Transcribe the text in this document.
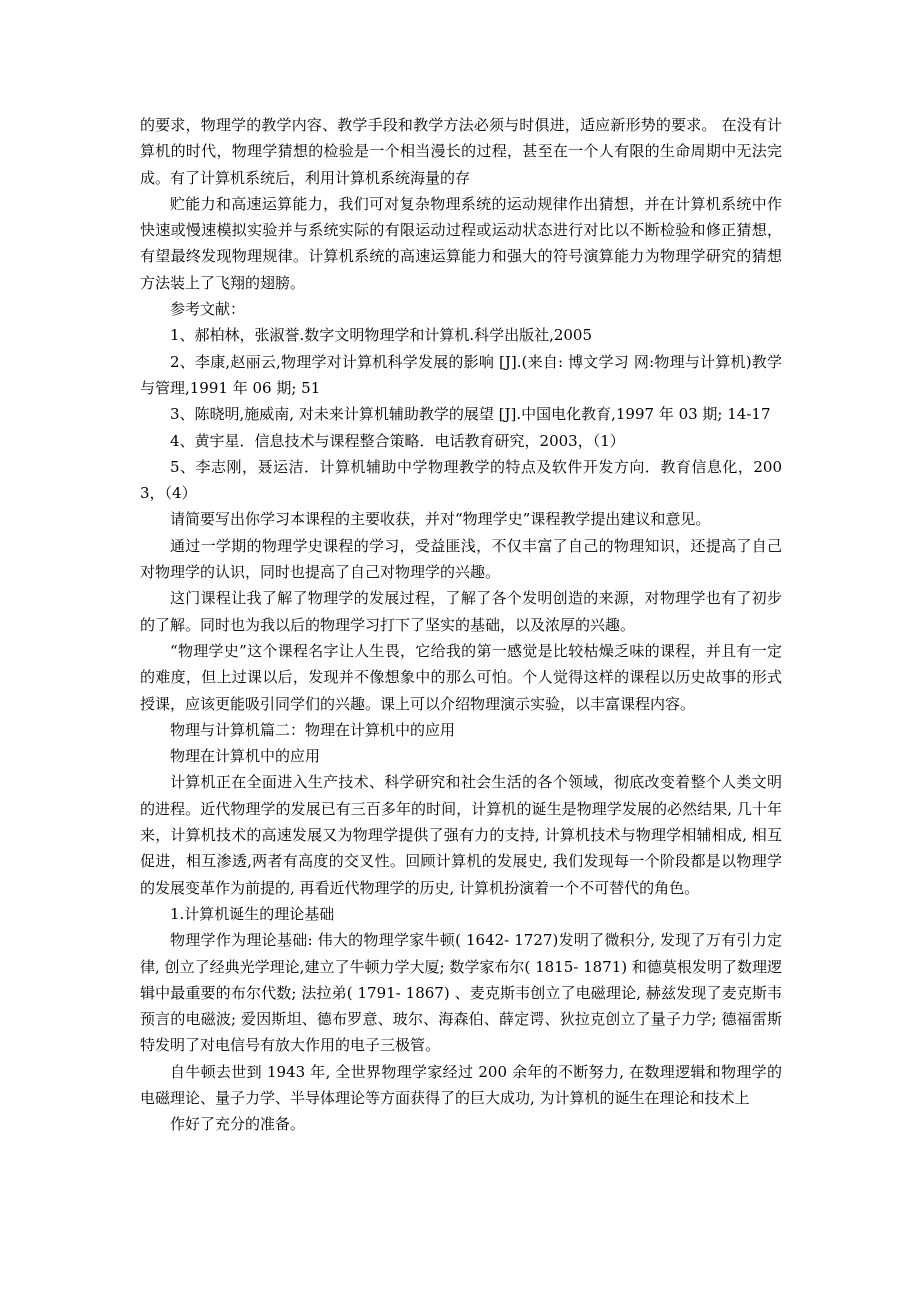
的要求，物理学的教学内容、教学手段和教学方法必须与时俱进，适应新形势的要求。 在没有计算机的时代，物理学猜想的检验是一个相当漫长的过程，甚至在一个人有限的生命周期中无法完成。有了计算机系统后，利用计算机系统海量的存

贮能力和高速运算能力，我们可对复杂物理系统的运动规律作出猜想，并在计算机系统中作快速或慢速模拟实验并与系统实际的有限运动过程或运动状态进行对比以不断检验和修正猜想，有望最终发现物理规律。计算机系统的高速运算能力和强大的符号演算能力为物理学研究的猜想方法装上了飞翔的翅膀。

参考文献：

1、郝柏林，张淑誉.数字文明物理学和计算机.科学出版社,2005

2、李康,赵丽云,物理学对计算机科学发展的影响 [J].(来自: 博文学习 网:物理与计算机)教学与管理,1991 年 06 期; 51

3、陈晓明,施威南, 对未来计算机辅助教学的展望 [J].中国电化教育,1997 年 03 期; 14-17

4、黄宇星．信息技术与课程整合策略．电话教育研究，2003，（1）

5、李志刚，聂运洁．计算机辅助中学物理教学的特点及软件开发方向．教育信息化，2003，（4）

请简要写出你学习本课程的主要收获，并对“物理学史”课程教学提出建议和意见。

通过一学期的物理学史课程的学习，受益匪浅，不仅丰富了自己的物理知识，还提高了自己对物理学的认识，同时也提高了自己对物理学的兴趣。

这门课程让我了解了物理学的发展过程，了解了各个发明创造的来源，对物理学也有了初步的了解。同时也为我以后的物理学习打下了坚实的基础，以及浓厚的兴趣。

“物理学史”这个课程名字让人生畏，它给我的第一感觉是比较枯燥乏味的课程，并且有一定的难度，但上过课以后，发现并不像想象中的那么可怕。个人觉得这样的课程以历史故事的形式授课，应该更能吸引同学们的兴趣。课上可以介绍物理演示实验，以丰富课程内容。

物理与计算机篇二：物理在计算机中的应用

物理在计算机中的应用

计算机正在全面进入生产技术、科学研究和社会生活的各个领域，彻底改变着整个人类文明的进程。近代物理学的发展已有三百多年的时间，计算机的诞生是物理学发展的必然结果, 几十年来，计算机技术的高速发展又为物理学提供了强有力的支持, 计算机技术与物理学相辅相成, 相互促进，相互渗透,两者有高度的交叉性。回顾计算机的发展史, 我们发现每一个阶段都是以物理学的发展变革作为前提的, 再看近代物理学的历史, 计算机扮演着一个不可替代的角色。

1.计算机诞生的理论基础

物理学作为理论基础: 伟大的物理学家牛顿( 1642- 1727)发明了微积分, 发现了万有引力定律, 创立了经典光学理论,建立了牛顿力学大厦; 数学家布尔( 1815- 1871) 和德莫根发明了数理逻辑中最重要的布尔代数; 法拉弟( 1791- 1867) 、麦克斯韦创立了电磁理论, 赫兹发现了麦克斯韦预言的电磁波; 爱因斯坦、德布罗意、玻尔、海森伯、薛定谔、狄拉克创立了量子力学; 德福雷斯特发明了对电信号有放大作用的电子三极管。

自牛顿去世到 1943 年, 全世界物理学家经过 200 余年的不断努力, 在数理逻辑和物理学的电磁理论、量子力学、半导体理论等方面获得了的巨大成功, 为计算机的诞生在理论和技术上

作好了充分的准备。
